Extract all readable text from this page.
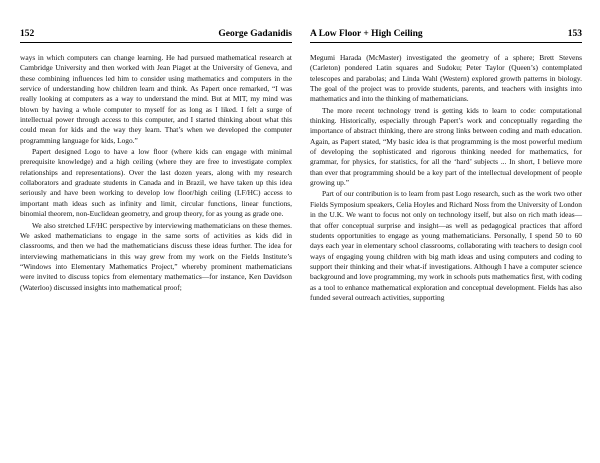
152	George Gadanidis

ways in which computers can change learning. He had pursued mathematical research at Cambridge University and then worked with Jean Piaget at the University of Geneva, and these combining influences led him to consider using mathematics and computers in the service of understanding how children learn and think. As Papert once remarked, “I was really looking at computers as a way to understand the mind. But at MIT, my mind was blown by having a whole computer to myself for as long as I liked. I felt a surge of intellectual power through access to this computer, and I started thinking about what this could mean for kids and the way they learn. That’s when we developed the computer programming language for kids, Logo.”

Papert designed Logo to have a low floor (where kids can engage with minimal prerequisite knowledge) and a high ceiling (where they are free to investigate complex relationships and representations). Over the last dozen years, along with my research collaborators and graduate students in Canada and in Brazil, we have taken up this idea seriously and have been working to develop low floor/high ceiling (LF/HC) access to important math ideas such as infinity and limit, circular functions, linear functions, binomial theorem, non-Euclidean geometry, and group theory, for as young as grade one.

We also stretched LF/HC perspective by interviewing mathematicians on these themes. We asked mathematicians to engage in the same sorts of activities as kids did in classrooms, and then we had the mathematicians discuss these ideas further. The idea for interviewing mathematicians in this way grew from my work on the Fields Institute’s “Windows into Elementary Mathematics Project,” whereby prominent mathematicians were invited to discuss topics from elementary mathematics—for instance, Ken Davidson (Waterloo) discussed insights into mathematical proof;

A Low Floor + High Ceiling	153

Megumi Harada (McMaster) investigated the geometry of a sphere; Brett Stevens (Carleton) pondered Latin squares and Sudoku; Peter Taylor (Queen’s) contemplated telescopes and parabolas; and Linda Wahl (Western) explored growth patterns in biology. The goal of the project was to provide students, parents, and teachers with insights into mathematics and into the thinking of mathematicians.

The more recent technology trend is getting kids to learn to code: computational thinking. Historically, especially through Papert’s work and conceptually regarding the importance of abstract thinking, there are strong links between coding and math education. Again, as Papert stated, “My basic idea is that programming is the most powerful medium of developing the sophisticated and rigorous thinking needed for mathematics, for grammar, for physics, for statistics, for all the ‘hard’ subjects ... In short, I believe more than ever that programming should be a key part of the intellectual development of people growing up.”

Part of our contribution is to learn from past Logo research, such as the work two other Fields Symposium speakers, Celia Hoyles and Richard Noss from the University of London in the U.K. We want to focus not only on technology itself, but also on rich math ideas—that offer conceptual surprise and insight—as well as pedagogical practices that afford students opportunities to engage as young mathematicians. Personally, I spend 50 to 60 days each year in elementary school classrooms, collaborating with teachers to design cool ways of engaging young children with big math ideas and using computers and coding to support their thinking and their what-if investigations. Although I have a computer science background and love programming, my work in schools puts mathematics first, with coding as a tool to enhance mathematical exploration and conceptual development. Fields has also funded several outreach activities, supporting
